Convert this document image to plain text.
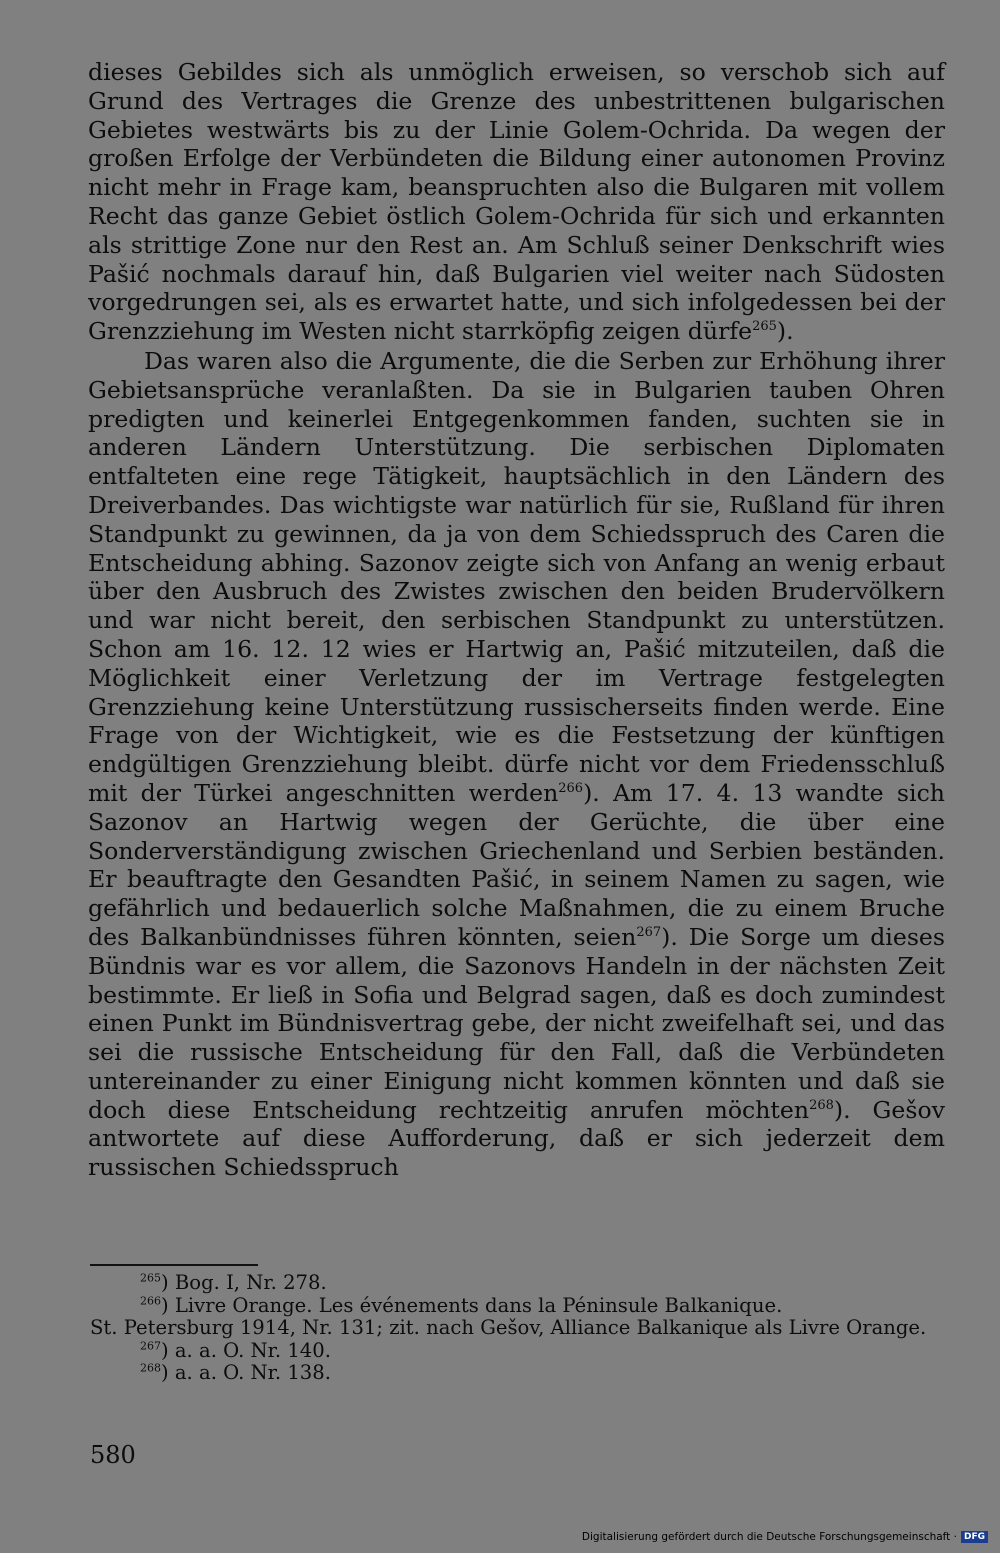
dieses Gebildes sich als unmöglich erweisen, so verschob sich auf Grund des Vertrages die Grenze des unbestrittenen bulgarischen Gebietes westwärts bis zu der Linie Golem-Ochrida. Da wegen der großen Erfolge der Verbündeten die Bildung einer autonomen Provinz nicht mehr in Frage kam, beanspruchten also die Bulgaren mit vollem Recht das ganze Gebiet östlich Golem-Ochrida für sich und erkannten als strittige Zone nur den Rest an. Am Schluß seiner Denkschrift wies Pašić nochmals darauf hin, daß Bulgarien viel weiter nach Südosten vorgedrungen sei, als es erwartet hatte, und sich infolgedessen bei der Grenzziehung im Westen nicht starrköpfig zeigen dürfe$^{265}$).

Das waren also die Argumente, die die Serben zur Erhöhung ihrer Gebietsansprüche veranlaßten. Da sie in Bulgarien tauben Ohren predigten und keinerlei Entgegenkommen fanden, suchten sie in anderen Ländern Unterstützung. Die serbischen Diplomaten entfalteten eine rege Tätigkeit, hauptsächlich in den Ländern des Dreiverbandes. Das wichtigste war natürlich für sie, Rußland für ihren Standpunkt zu gewinnen, da ja von dem Schiedsspruch des Caren die Entscheidung abhing. Sazonov zeigte sich von Anfang an wenig erbaut über den Ausbruch des Zwistes zwischen den beiden Brudervölkern und war nicht bereit, den serbischen Standpunkt zu unterstützen. Schon am 16. 12. 12 wies er Hartwig an, Pašić mitzuteilen, daß die Möglichkeit einer Verletzung der im Vertrage festgelegten Grenzziehung keine Unterstützung russischerseits finden werde. Eine Frage von der Wichtigkeit, wie es die Festsetzung der künftigen endgültigen Grenzziehung bleibt. dürfe nicht vor dem Friedensschluß mit der Türkei angeschnitten werden$^{266}$). Am 17. 4. 13 wandte sich Sazonov an Hartwig wegen der Gerüchte, die über eine Sonderverständigung zwischen Griechenland und Serbien beständen. Er beauftragte den Gesandten Pašić, in seinem Namen zu sagen, wie gefährlich und bedauerlich solche Maßnahmen, die zu einem Bruche des Balkanbündnisses führen könnten, seien$^{267}$). Die Sorge um dieses Bündnis war es vor allem, die Sazonovs Handeln in der nächsten Zeit bestimmte. Er ließ in Sofia und Belgrad sagen, daß es doch zumindest einen Punkt im Bündnisvertrag gebe, der nicht zweifelhaft sei, und das sei die russische Entscheidung für den Fall, daß die Verbündeten untereinander zu einer Einigung nicht kommen könnten und daß sie doch diese Entscheidung rechtzeitig anrufen möchten$^{268}$). Gešov antwortete auf diese Aufforderung, daß er sich jederzeit dem russischen Schiedsspruch

$^{265}$) Bog. I, Nr. 278.

$^{266}$) Livre Orange. Les événements dans la Péninsule Balkanique.

St. Petersburg 1914, Nr. 131; zit. nach Gešov, Alliance Balkanique als Livre Orange.

$^{267}$) a. a. O. Nr. 140.

$^{268}$) a. a. O. Nr. 138.

580
Digitalisierung gefördert durch die Deutsche Forschungsgemeinschaft · DFG
